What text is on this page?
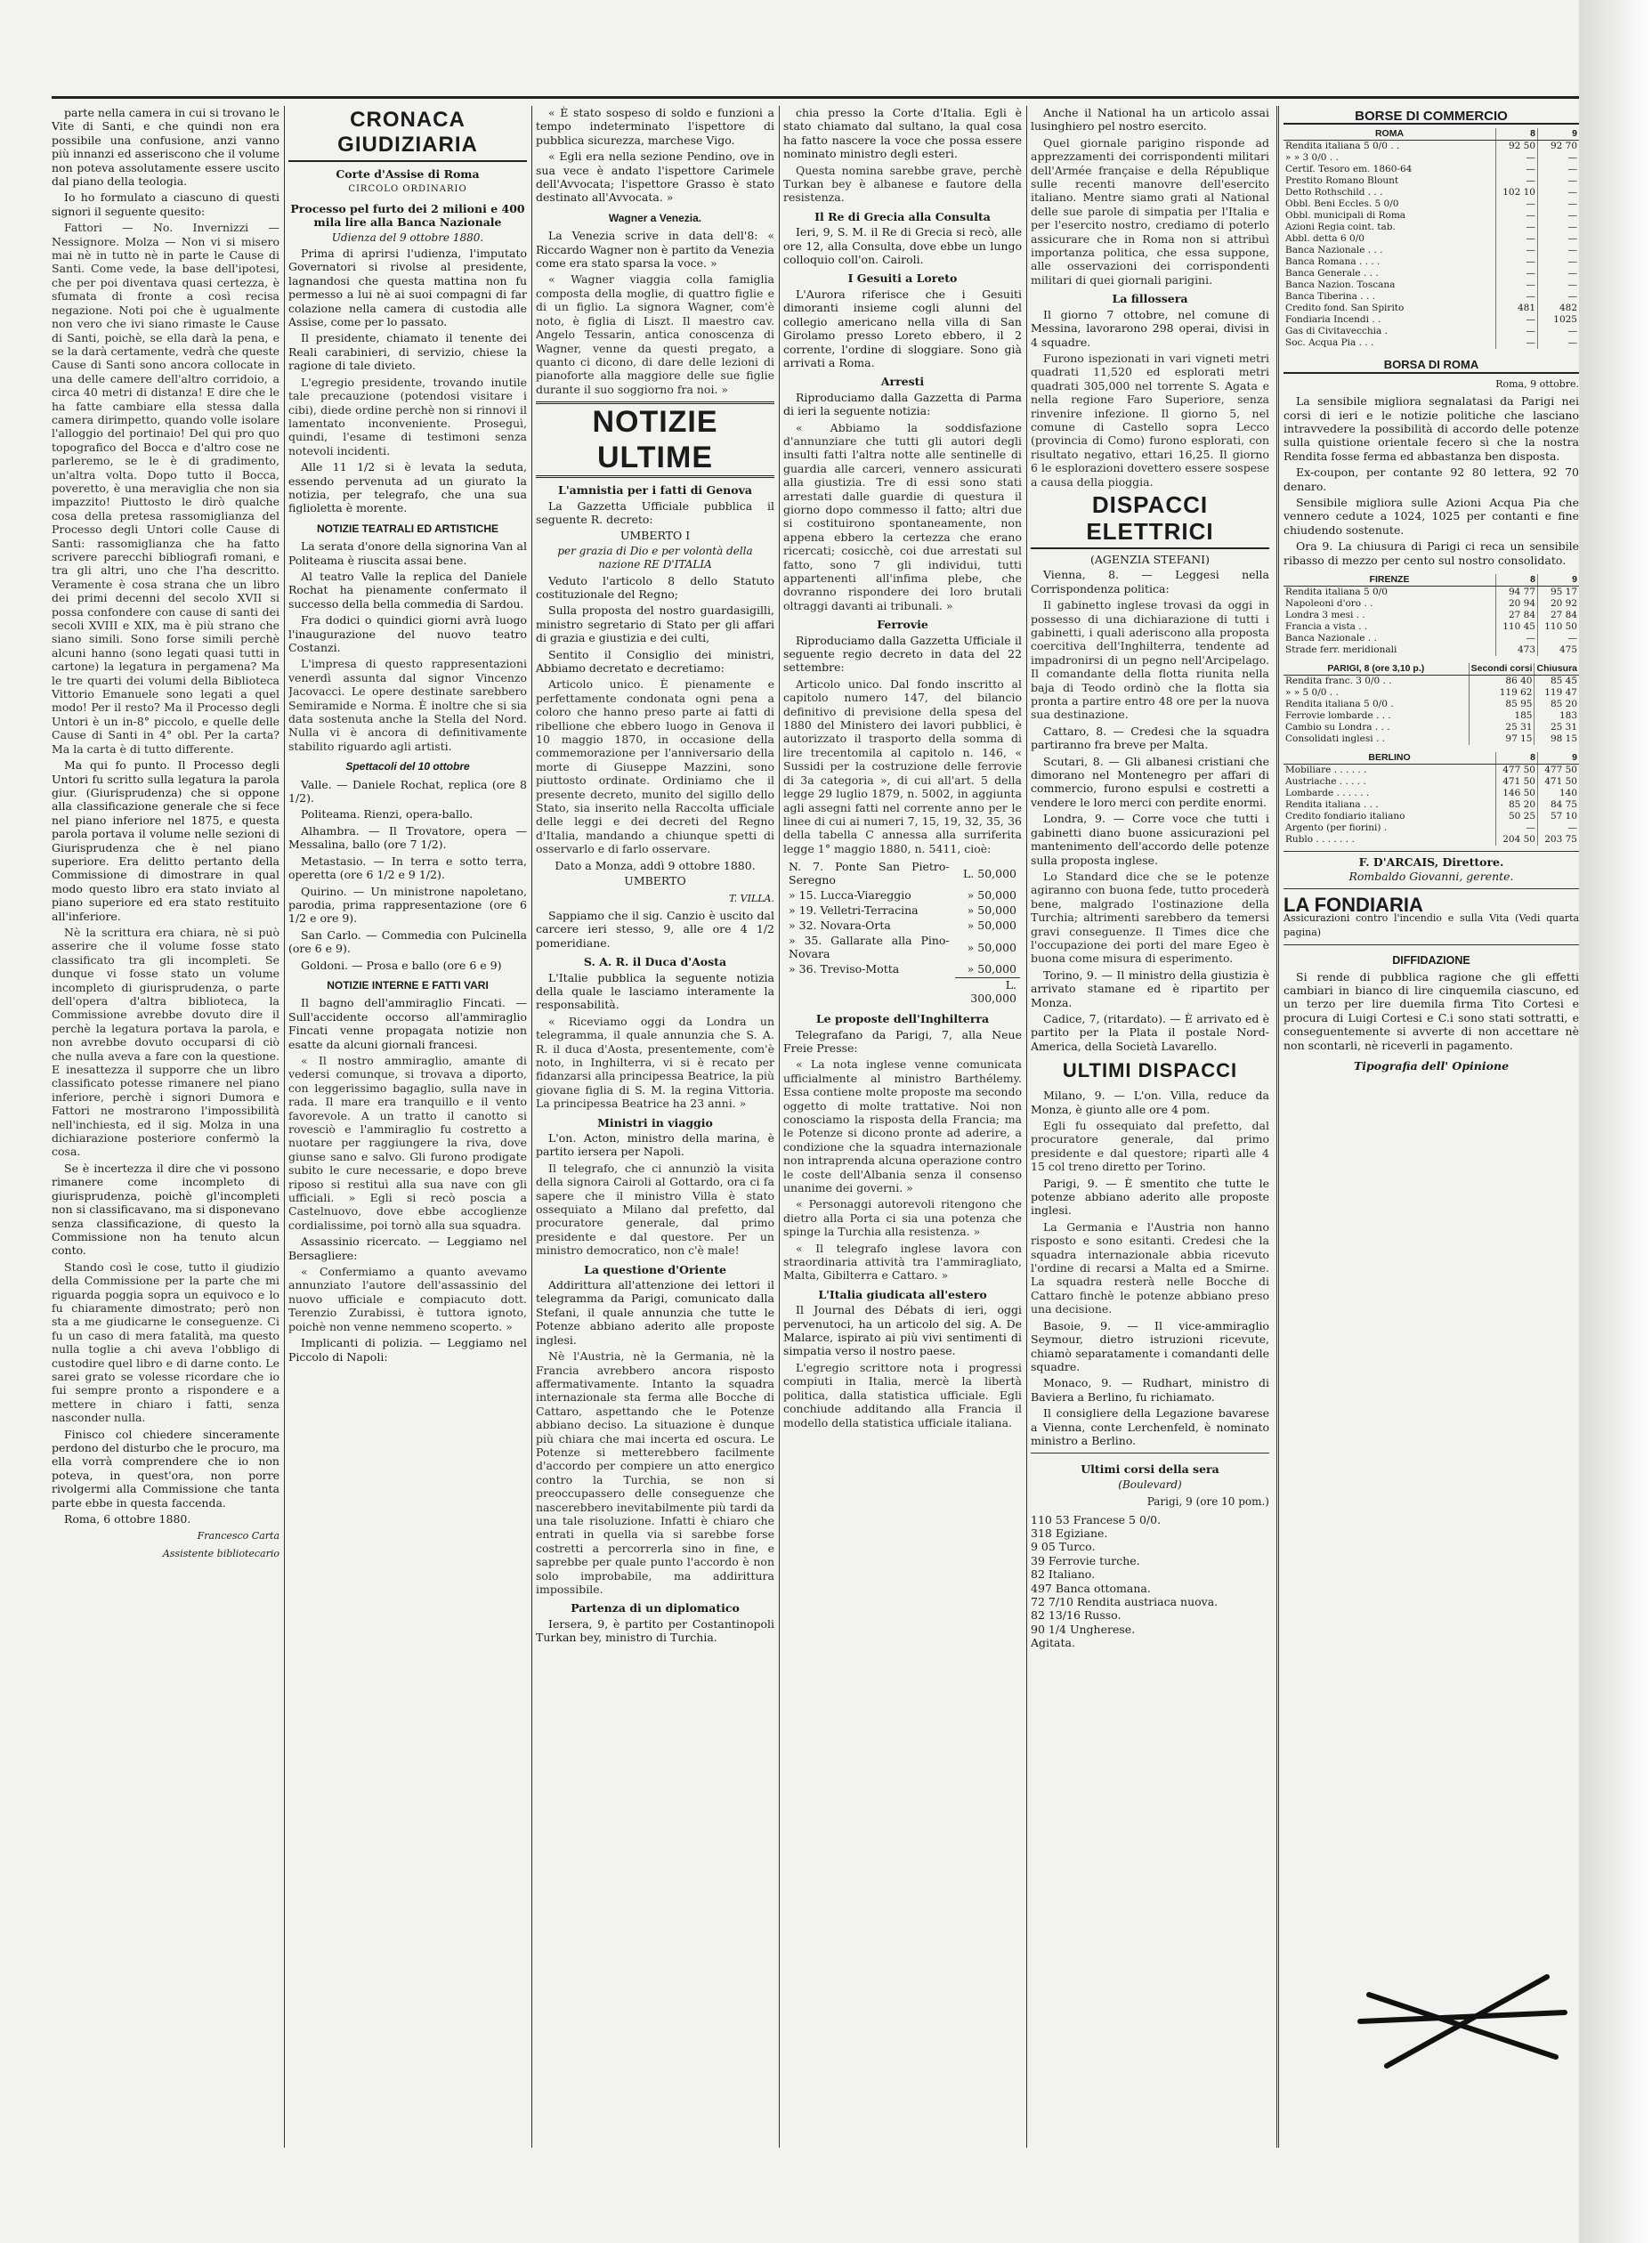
parte nella camera in cui si trovano le Vite di Santi, e che quindi non era possibile una confusione, anzi vanno più innanzi ed asseriscono che il volume non poteva assolutamente essere uscito dal piano della teologia.

Io ho formulato a ciascuno di questi signori il seguente quesito:

Fattori — No. Invernizzi — Nessignore. Molza — Non vi si misero mai nè in tutto nè in parte le Cause di Santi. Come vede, la base dell'ipotesi, che per poi diventava quasi certezza, è sfumata di fronte a così recisa negazione. Noti poi che è ugualmente non vero che ivi siano rimaste le Cause di Santi, poichè, se ella darà la pena, e se la darà certamente, vedrà che queste Cause di Santi sono ancora collocate in una delle camere dell'altro corridoio, a circa 40 metri di distanza! E dire che le ha fatte cambiare ella stessa dalla camera dirimpetto, quando volle isolare l'alloggio del portinaio! Del qui pro quo topografico del Bocca e d'altro cose ne parleremo, se le è di gradimento, un'altra volta. Dopo tutto il Bocca, poveretto, è una meraviglia che non sia impazzito! Piuttosto le dirò qualche cosa della pretesa rassomiglianza del Processo degli Untori colle Cause di Santi: rassomiglianza che ha fatto scrivere parecchi bibliografi romani, e tra gli altri, uno che l'ha descritto. Veramente è cosa strana che un libro dei primi decenni del secolo XVII si possa confondere con cause di santi dei secoli XVIII e XIX, ma è più strano che siano simili. Sono forse simili perchè alcuni hanno (sono legati quasi tutti in cartone) la legatura in pergamena? Ma le tre quarti dei volumi della Biblioteca Vittorio Emanuele sono legati a quel modo! Per il resto? Ma il Processo degli Untori è un in-8° piccolo, e quelle delle Cause di Santi in 4° obl. Per la carta? Ma la carta è di tutto differente.

Ma qui fo punto. Il Processo degli Untori fu scritto sulla legatura la parola giur. (Giurisprudenza) che si oppone alla classificazione generale che si fece nel piano inferiore nel 1875, e questa parola portava il volume nelle sezioni di Giurisprudenza che è nel piano superiore. Era delitto pertanto della Commissione di dimostrare in qual modo questo libro era stato inviato al piano superiore ed era stato restituito all'inferiore.

Nè la scrittura era chiara, nè si può asserire che il volume fosse stato classificato tra gli incompleti. Se dunque vi fosse stato un volume incompleto di giurisprudenza, o parte dell'opera d'altra biblioteca, la Commissione avrebbe dovuto dire il perchè la legatura portava la parola, e non avrebbe dovuto occuparsi di ciò che nulla aveva a fare con la questione. E inesattezza il supporre che un libro classificato potesse rimanere nel piano inferiore, perchè i signori Dumora e Fattori ne mostrarono l'impossibilità nell'inchiesta, ed il sig. Molza in una dichiarazione posteriore confermò la cosa.

Se è incertezza il dire che vi possono rimanere come incompleto di giurisprudenza, poichè gl'incompleti non si classificavano, ma si disponevano senza classificazione, di questo la Commissione non ha tenuto alcun conto.

Stando così le cose, tutto il giudizio della Commissione per la parte che mi riguarda poggia sopra un equivoco e lo fu chiaramente dimostrato; però non sta a me giudicarne le conseguenze. Ci fu un caso di mera fatalità, ma questo nulla toglie a chi aveva l'obbligo di custodire quel libro e di darne conto. Le sarei grato se volesse ricordare che io fui sempre pronto a rispondere e a mettere in chiaro i fatti, senza nasconder nulla.

Finisco col chiedere sinceramente perdono del disturbo che le procuro, ma ella vorrà comprendere che io non poteva, in quest'ora, non porre rivolgermi alla Commissione che tanta parte ebbe in questa faccenda.

Roma, 6 ottobre 1880.

Francesco Carta
Assistente bibliotecario
CRONACA GIUDIZIARIA
Corte d'Assise di Roma
CIRCOLO ORDINARIO
Processo pel furto dei 2 milioni e 400 mila lire alla Banca Nazionale
Udienza del 9 ottobre 1880.

Prima di aprirsi l'udienza, l'imputato Governatori si rivolse al presidente, lagnandosi che questa mattina non fu permesso a lui nè ai suoi compagni di far colazione nella camera di custodia alle Assise, come per lo passato.

Il presidente, chiamato il tenente dei Reali carabinieri, di servizio, chiese la ragione di tale divieto.

L'egregio presidente, trovando inutile tale precauzione (potendosi visitare i cibi), diede ordine perchè non si rinnovi il lamentato inconveniente. Proseguì, quindi, l'esame di testimoni senza notevoli incidenti.

Alle 11 1/2 si è levata la seduta, essendo pervenuta ad un giurato la notizia, per telegrafo, che una sua figlioletta è morente.

NOTIZIE TEATRALI ED ARTISTICHE

La serata d'onore della signorina Van al Politeama è riuscita assai bene.

Al teatro Valle la replica del Daniele Rochat ha pienamente confermato il successo della bella commedia di Sardou.

Fra dodici o quindici giorni avrà luogo l'inaugurazione del nuovo teatro Costanzi.

L'impresa di questo rappresentazioni venerdì assunta dal signor Vincenzo Jacovacci. Le opere destinate sarebbero Semiramide e Norma. È inoltre che si sia data sostenuta anche la Stella del Nord. Nulla vi è ancora di definitivamente stabilito riguardo agli artisti.

Spettacoli del 10 ottobre

Valle. — Daniele Rochat, replica (ore 8 1/2).

Politeama. Rienzi, opera-ballo.

Alhambra. — Il Trovatore, opera — Messalina, ballo (ore 7 1/2).

Metastasio. — In terra e sotto terra, operetta (ore 6 1/2 e 9 1/2).

Quirino. — Un ministrone napoletano, parodia, prima rappresentazione (ore 6 1/2 e ore 9).

San Carlo. — Commedia con Pulcinella (ore 6 e 9).

Goldoni. — Prosa e ballo (ore 6 e 9)

NOTIZIE INTERNE E FATTI VARI

Il bagno dell'ammiraglio Fincati. — Sull'accidente occorso all'ammiraglio Fincati venne propagata notizie non esatte da alcuni giornali francesi.

« Il nostro ammiraglio, amante di vedersi comunque, si trovava a diporto, con leggerissimo bagaglio, sulla nave in rada. Il mare era tranquillo e il vento favorevole. A un tratto il canotto si rovesciò e l'ammiraglio fu costretto a nuotare per raggiungere la riva, dove giunse sano e salvo. Gli furono prodigate subito le cure necessarie, e dopo breve riposo si restituì alla sua nave con gli ufficiali. » Egli si recò poscia a Castelnuovo, dove ebbe accoglienze cordialissime, poi tornò alla sua squadra.

Assassinio ricercato. — Leggiamo nel Bersagliere:

« Confermiamo a quanto avevamo annunziato l'autore dell'assassinio del nuovo ufficiale e compiacuto dott. Terenzio Zurabissi, è tuttora ignoto, poichè non venne nemmeno scoperto. »

Implicanti di polizia. — Leggiamo nel Piccolo di Napoli:

« È stato sospeso di soldo e funzioni a tempo indeterminato l'ispettore di pubblica sicurezza, marchese Vigo.

« Egli era nella sezione Pendino, ove in sua vece è andato l'ispettore Carimele dell'Avvocata; l'ispettore Grasso è stato destinato all'Avvocata. »

Wagner a Venezia.

La Venezia scrive in data dell'8: « Riccardo Wagner non è partito da Venezia come era stato sparsa la voce. »

« Wagner viaggia colla famiglia composta della moglie, di quattro figlie e di un figlio. La signora Wagner, com'è noto, è figlia di Liszt. Il maestro cav. Angelo Tessarin, antica conoscenza di Wagner, venne da questi pregato, a quanto ci dicono, di dare delle lezioni di pianoforte alla maggiore delle sue figlie durante il suo soggiorno fra noi. »

NOTIZIE ULTIME
L'amnistia per i fatti di Genova

La Gazzetta Ufficiale pubblica il seguente R. decreto:

UMBERTO I
per grazia di Dio e per volontà della nazione RE D'ITALIA

Veduto l'articolo 8 dello Statuto costituzionale del Regno;

Sulla proposta del nostro guardasigilli, ministro segretario di Stato per gli affari di grazia e giustizia e dei culti,

Sentito il Consiglio dei ministri, Abbiamo decretato e decretiamo:

Articolo unico. È pienamente e perfettamente condonata ogni pena a coloro che hanno preso parte ai fatti di ribellione che ebbero luogo in Genova il 10 maggio 1870, in occasione della commemorazione per l'anniversario della morte di Giuseppe Mazzini, sono piuttosto ordinate. Ordiniamo che il presente decreto, munito del sigillo dello Stato, sia inserito nella Raccolta ufficiale delle leggi e dei decreti del Regno d'Italia, mandando a chiunque spetti di osservarlo e di farlo osservare.

Dato a Monza, addì 9 ottobre 1880.
UMBERTO
T. VILLA.

Sappiamo che il sig. Canzio è uscito dal carcere ieri stesso, 9, alle ore 4 1/2 pomeridiane.

S. A. R. il Duca d'Aosta

L'Italie pubblica la seguente notizia della quale le lasciamo interamente la responsabilità.

« Riceviamo oggi da Londra un telegramma, il quale annunzia che S. A. R. il duca d'Aosta, presentemente, com'è noto, in Inghilterra, vi si è recato per fidanzarsi alla principessa Beatrice, la più giovane figlia di S. M. la regina Vittoria. La principessa Beatrice ha 23 anni. »

Ministri in viaggio

L'on. Acton, ministro della marina, è partito iersera per Napoli.

Il telegrafo, che ci annunziò la visita della signora Cairoli al Gottardo, ora ci fa sapere che il ministro Villa è stato ossequiato a Milano dal prefetto, dal procuratore generale, dal primo presidente e dal questore. Per un ministro democratico, non c'è male!

La questione d'Oriente

Addirittura all'attenzione dei lettori il telegramma da Parigi, comunicato dalla Stefani, il quale annunzia che tutte le Potenze abbiano aderito alle proposte inglesi.

Nè l'Austria, nè la Germania, nè la Francia avrebbero ancora risposto affermativamente. Intanto la squadra internazionale sta ferma alle Bocche di Cattaro, aspettando che le Potenze abbiano deciso. La situazione è dunque più chiara che mai incerta ed oscura. Le Potenze si metterebbero facilmente d'accordo per compiere un atto energico contro la Turchia, se non si preoccupassero delle conseguenze che nascerebbero inevitabilmente più tardi da una tale risoluzione. Infatti è chiaro che entrati in quella via si sarebbe forse costretti a percorrerla sino in fine, e saprebbe per quale punto l'accordo è non solo improbabile, ma addirittura impossibile.

Partenza di un diplomatico

Iersera, 9, è partito per Costantinopoli Turkan bey, ministro di Turchia.

chia presso la Corte d'Italia. Egli è stato chiamato dal sultano, la qual cosa ha fatto nascere la voce che possa essere nominato ministro degli esteri.

Questa nomina sarebbe grave, perchè Turkan bey è albanese e fautore della resistenza.

Il Re di Grecia alla Consulta

Ieri, 9, S. M. il Re di Grecia si recò, alle ore 12, alla Consulta, dove ebbe un lungo colloquio coll'on. Cairoli.

I Gesuiti a Loreto

L'Aurora riferisce che i Gesuiti dimoranti insieme cogli alunni del collegio americano nella villa di San Girolamo presso Loreto ebbero, il 2 corrente, l'ordine di sloggiare. Sono già arrivati a Roma.

Arresti

Riproduciamo dalla Gazzetta di Parma di ieri la seguente notizia:

« Abbiamo la soddisfazione d'annunziare che tutti gli autori degli insulti fatti l'altra notte alle sentinelle di guardia alle carceri, vennero assicurati alla giustizia. Tre di essi sono stati arrestati dalle guardie di questura il giorno dopo commesso il fatto; altri due si costituirono spontaneamente, non appena ebbero la certezza che erano ricercati; cosicchè, coi due arrestati sul fatto, sono 7 gli individui, tutti appartenenti all'infima plebe, che dovranno rispondere dei loro brutali oltraggi davanti ai tribunali. »

Ferrovie

Riproduciamo dalla Gazzetta Ufficiale il seguente regio decreto in data del 22 settembre:

Articolo unico. Dal fondo inscritto al capitolo numero 147, del bilancio definitivo di previsione della spesa del 1880 del Ministero dei lavori pubblici, è autorizzato il trasporto della somma di lire trecentomila al capitolo n. 146, « Sussidi per la costruzione delle ferrovie di 3a categoria », di cui all'art. 5 della legge 29 luglio 1879, n. 5002, in aggiunta agli assegni fatti nel corrente anno per le linee di cui ai numeri 7, 15, 19, 32, 35, 36 della tabella C annessa alla surriferita legge 1° maggio 1880, n. 5411, cioè:

N. 7. Ponte San Pietro-Seregno	L. 50,000
» 15. Lucca-Viareggio	» 50,000
» 19. Velletri-Terracina	» 50,000
» 32. Novara-Orta	» 50,000
» 35. Gallarate alla Pino-Novara	» 50,000
» 36. Treviso-Motta	» 50,000
	L. 300,000
Le proposte dell'Inghilterra

Telegrafano da Parigi, 7, alla Neue Freie Presse:

« La nota inglese venne comunicata ufficialmente al ministro Barthélemy. Essa contiene molte proposte ma secondo oggetto di molte trattative. Noi non conosciamo la risposta della Francia; ma le Potenze si dicono pronte ad aderire, a condizione che la squadra internazionale non intraprenda alcuna operazione contro le coste dell'Albania senza il consenso unanime dei governi. »

« Personaggi autorevoli ritengono che dietro alla Porta ci sia una potenza che spinge la Turchia alla resistenza. »

« Il telegrafo inglese lavora con straordinaria attività tra l'ammiragliato, Malta, Gibilterra e Cattaro. »

L'Italia giudicata all'estero

Il Journal des Débats di ieri, oggi pervenutoci, ha un articolo del sig. A. De Malarce, ispirato ai più vivi sentimenti di simpatia verso il nostro paese.

L'egregio scrittore nota i progressi compiuti in Italia, mercè la libertà politica, dalla statistica ufficiale. Egli conchiude additando alla Francia il modello della statistica ufficiale italiana.

Anche il National ha un articolo assai lusinghiero pel nostro esercito.

Quel giornale parigino risponde ad apprezzamenti dei corrispondenti militari dell'Armée française e della République sulle recenti manovre dell'esercito italiano. Mentre siamo grati al National delle sue parole di simpatia per l'Italia e per l'esercito nostro, crediamo di poterlo assicurare che in Roma non si attribuì importanza politica, che essa suppone, alle osservazioni dei corrispondenti militari di quei giornali parigini.

La fillossera

Il giorno 7 ottobre, nel comune di Messina, lavorarono 298 operai, divisi in 4 squadre.

Furono ispezionati in vari vigneti metri quadrati 11,520 ed esplorati metri quadrati 305,000 nel torrente S. Agata e nella regione Faro Superiore, senza rinvenire infezione. Il giorno 5, nel comune di Castello sopra Lecco (provincia di Como) furono esplorati, con risultato negativo, ettari 16,25. Il giorno 6 le esplorazioni dovettero essere sospese a causa della pioggia.

DISPACCI ELETTRICI
(AGENZIA STEFANI)

Vienna, 8. — Leggesi nella Corrispondenza politica:

Il gabinetto inglese trovasi da oggi in possesso di una dichiarazione di tutti i gabinetti, i quali aderiscono alla proposta coercitiva dell'Inghilterra, tendente ad impadronirsi di un pegno nell'Arcipelago. Il comandante della flotta riunita nella baja di Teodo ordinò che la flotta sia pronta a partire entro 48 ore per la nuova sua destinazione.

Cattaro, 8. — Credesi che la squadra partiranno fra breve per Malta.

Scutari, 8. — Gli albanesi cristiani che dimorano nel Montenegro per affari di commercio, furono espulsi e costretti a vendere le loro merci con perdite enormi.

Londra, 9. — Corre voce che tutti i gabinetti diano buone assicurazioni pel mantenimento dell'accordo delle potenze sulla proposta inglese.

Lo Standard dice che se le potenze agiranno con buona fede, tutto procederà bene, malgrado l'ostinazione della Turchia; altrimenti sarebbero da temersi gravi conseguenze. Il Times dice che l'occupazione dei porti del mare Egeo è buona come misura di esperimento.

Torino, 9. — Il ministro della giustizia è arrivato stamane ed è ripartito per Monza.

Cadice, 7, (ritardato). — È arrivato ed è partito per la Plata il postale Nord-America, della Società Lavarello.

ULTIMI DISPACCI

Milano, 9. — L'on. Villa, reduce da Monza, è giunto alle ore 4 pom.

Egli fu ossequiato dal prefetto, dal procuratore generale, dal primo presidente e dal questore; ripartì alle 4 15 col treno diretto per Torino.

Parigi, 9. — È smentito che tutte le potenze abbiano aderito alle proposte inglesi.

La Germania e l'Austria non hanno risposto e sono esitanti. Credesi che la squadra internazionale abbia ricevuto l'ordine di recarsi a Malta ed a Smirne. La squadra resterà nelle Bocche di Cattaro finchè le potenze abbiano preso una decisione.

Basoie, 9. — Il vice-ammiraglio Seymour, dietro istruzioni ricevute, chiamò separatamente i comandanti delle squadre.

Monaco, 9. — Rudhart, ministro di Baviera a Berlino, fu richiamato.

Il consigliere della Legazione bavarese a Vienna, conte Lerchenfeld, è nominato ministro a Berlino.

Ultimi corsi della sera
(Boulevard)
Parigi, 9 (ore 10 pom.)
110 53 Francese 5 0/0.
318 Egiziane.
9 05 Turco.
39 Ferrovie turche.
82 Italiano.
497 Banca ottomana.
72 7/10 Rendita austriaca nuova.
82 13/16 Russo.
90 1/4 Ungherese.
Agitata.
BORSE DI COMMERCIO
ROMA	8	9
Rendita italiana 5 0/0 . .	92 50	92 70
» » 3 0/0 . .	—	—
Certif. Tesoro em. 1860-64	—	—
Prestito Romano Blount	—	—
Detto Rothschild . . .	102 10	—
Obbl. Beni Eccles. 5 0/0	—	—
Obbl. municipali di Roma	—	—
Azioni Regia coint. tab.	—	—
Abbl. detta 6 0/0	—	—
Banca Nazionale . . .	—	—
Banca Romana . . . .	—	—
Banca Generale . . .	—	—
Banca Nazion. Toscana	—	—
Banca Tiberina . . .	—	—
Credito fond. San Spirito	481	482
Fondiaria Incendi . .	—	1025
Gas di Civitavecchia .	—	—
Soc. Acqua Pia . . .	—	—
BORSA DI ROMA
Roma, 9 ottobre.

La sensibile migliora segnalatasi da Parigi nei corsi di ieri e le notizie politiche che lasciano intravvedere la possibilità di accordo delle potenze sulla quistione orientale fecero sì che la nostra Rendita fosse ferma ed abbastanza ben disposta.

Ex-coupon, per contante 92 80 lettera, 92 70 denaro.

Sensibile migliora sulle Azioni Acqua Pia che vennero cedute a 1024, 1025 per contanti e fine chiudendo sostenute.

Ora 9. La chiusura di Parigi ci reca un sensibile ribasso di mezzo per cento sul nostro consolidato.

FIRENZE	8	9
Rendita italiana 5 0/0	94 77	95 17
Napoleoni d'oro . .	20 94	20 92
Londra 3 mesi . .	27 84	27 84
Francia a vista . .	110 45	110 50
Banca Nazionale . .	—	—
Strade ferr. meridionali	473	475
PARIGI, 8 (ore 3,10 p.)	Secondi corsi	Chiusura
Rendita franc. 3 0/0 . .	86 40	85 45
» » 5 0/0 . .	119 62	119 47
Rendita italiana 5 0/0 .	85 95	85 20
Ferrovie lombarde . . .	185	183
Cambio su Londra . . .	25 31	25 31
Consolidati inglesi . .	97 15	98 15
BERLINO	8	9
Mobiliare . . . . . .	477 50	477 50
Austriache . . . . .	471 50	471 50
Lombarde . . . . . .	146 50	140
Rendita italiana . . .	85 20	84 75
Credito fondiario italiano	50 25	57 10
Argento (per fiorini) .	—	—
Rublo . . . . . . .	204 50	203 75
F. D'ARCAIS, Direttore.
Rombaldo Giovanni, gerente.
LA FONDIARIA
Assicurazioni contro l'incendio e sulla Vita (Vedi quarta pagina)
DIFFIDAZIONE

Si rende di pubblica ragione che gli effetti cambiari in bianco di lire cinquemila ciascuno, ed un terzo per lire duemila firma Tito Cortesi e procura di Luigi Cortesi e C.i sono stati sottratti, e conseguentemente si avverte di non accettare nè non scontarli, nè riceverli in pagamento.

Tipografia dell' Opinione
